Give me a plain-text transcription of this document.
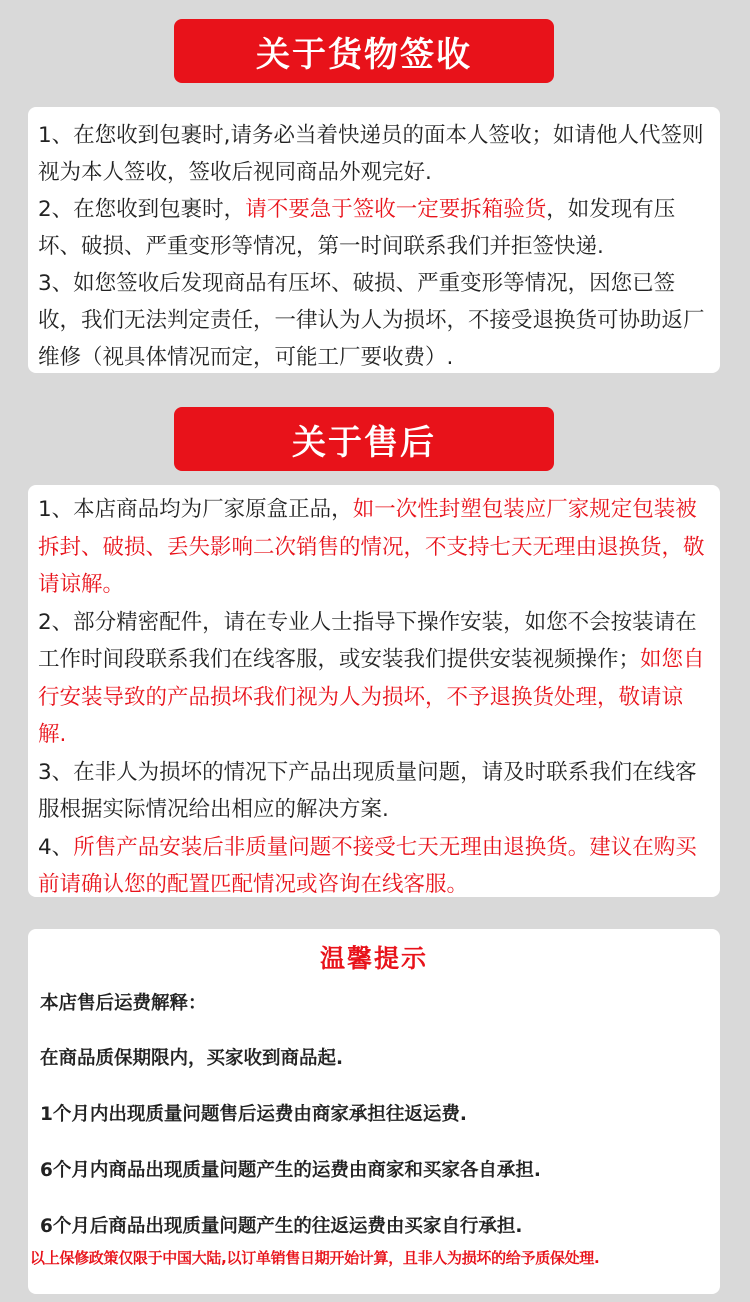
关于货物签收

1、在您收到包裹时,请务必当着快递员的面本人签收；如请他人代签则视为本人签收，签收后视同商品外观完好.

2、在您收到包裹时，请不要急于签收一定要拆箱验货，如发现有压坏、破损、严重变形等情况，第一时间联系我们并拒签快递.

3、如您签收后发现商品有压坏、破损、严重变形等情况，因您已签收，我们无法判定责任，一律认为人为损坏，不接受退换货可协助返厂维修（视具体情况而定，可能工厂要收费）.

关于售后

1、本店商品均为厂家原盒正品，如一次性封塑包装应厂家规定包装被拆封、破损、丢失影响二次销售的情况，不支持七天无理由退换货，敬请谅解。

2、部分精密配件，请在专业人士指导下操作安装，如您不会按装请在工作时间段联系我们在线客服，或安装我们提供安装视频操作；如您自行安装导致的产品损坏我们视为人为损坏，不予退换货处理，敬请谅解.

3、在非人为损坏的情况下产品出现质量问题，请及时联系我们在线客服根据实际情况给出相应的解决方案.

4、所售产品安装后非质量问题不接受七天无理由退换货。建议在购买前请确认您的配置匹配情况或咨询在线客服。

温馨提示
本店售后运费解释：
在商品质保期限内，买家收到商品起.
1个月内出现质量问题售后运费由商家承担往返运费.
6个月内商品出现质量问题产生的运费由商家和买家各自承担.
6个月后商品出现质量问题产生的往返运费由买家自行承担.
以上保修政策仅限于中国大陆,以订单销售日期开始计算，且非人为损坏的给予质保处理.
